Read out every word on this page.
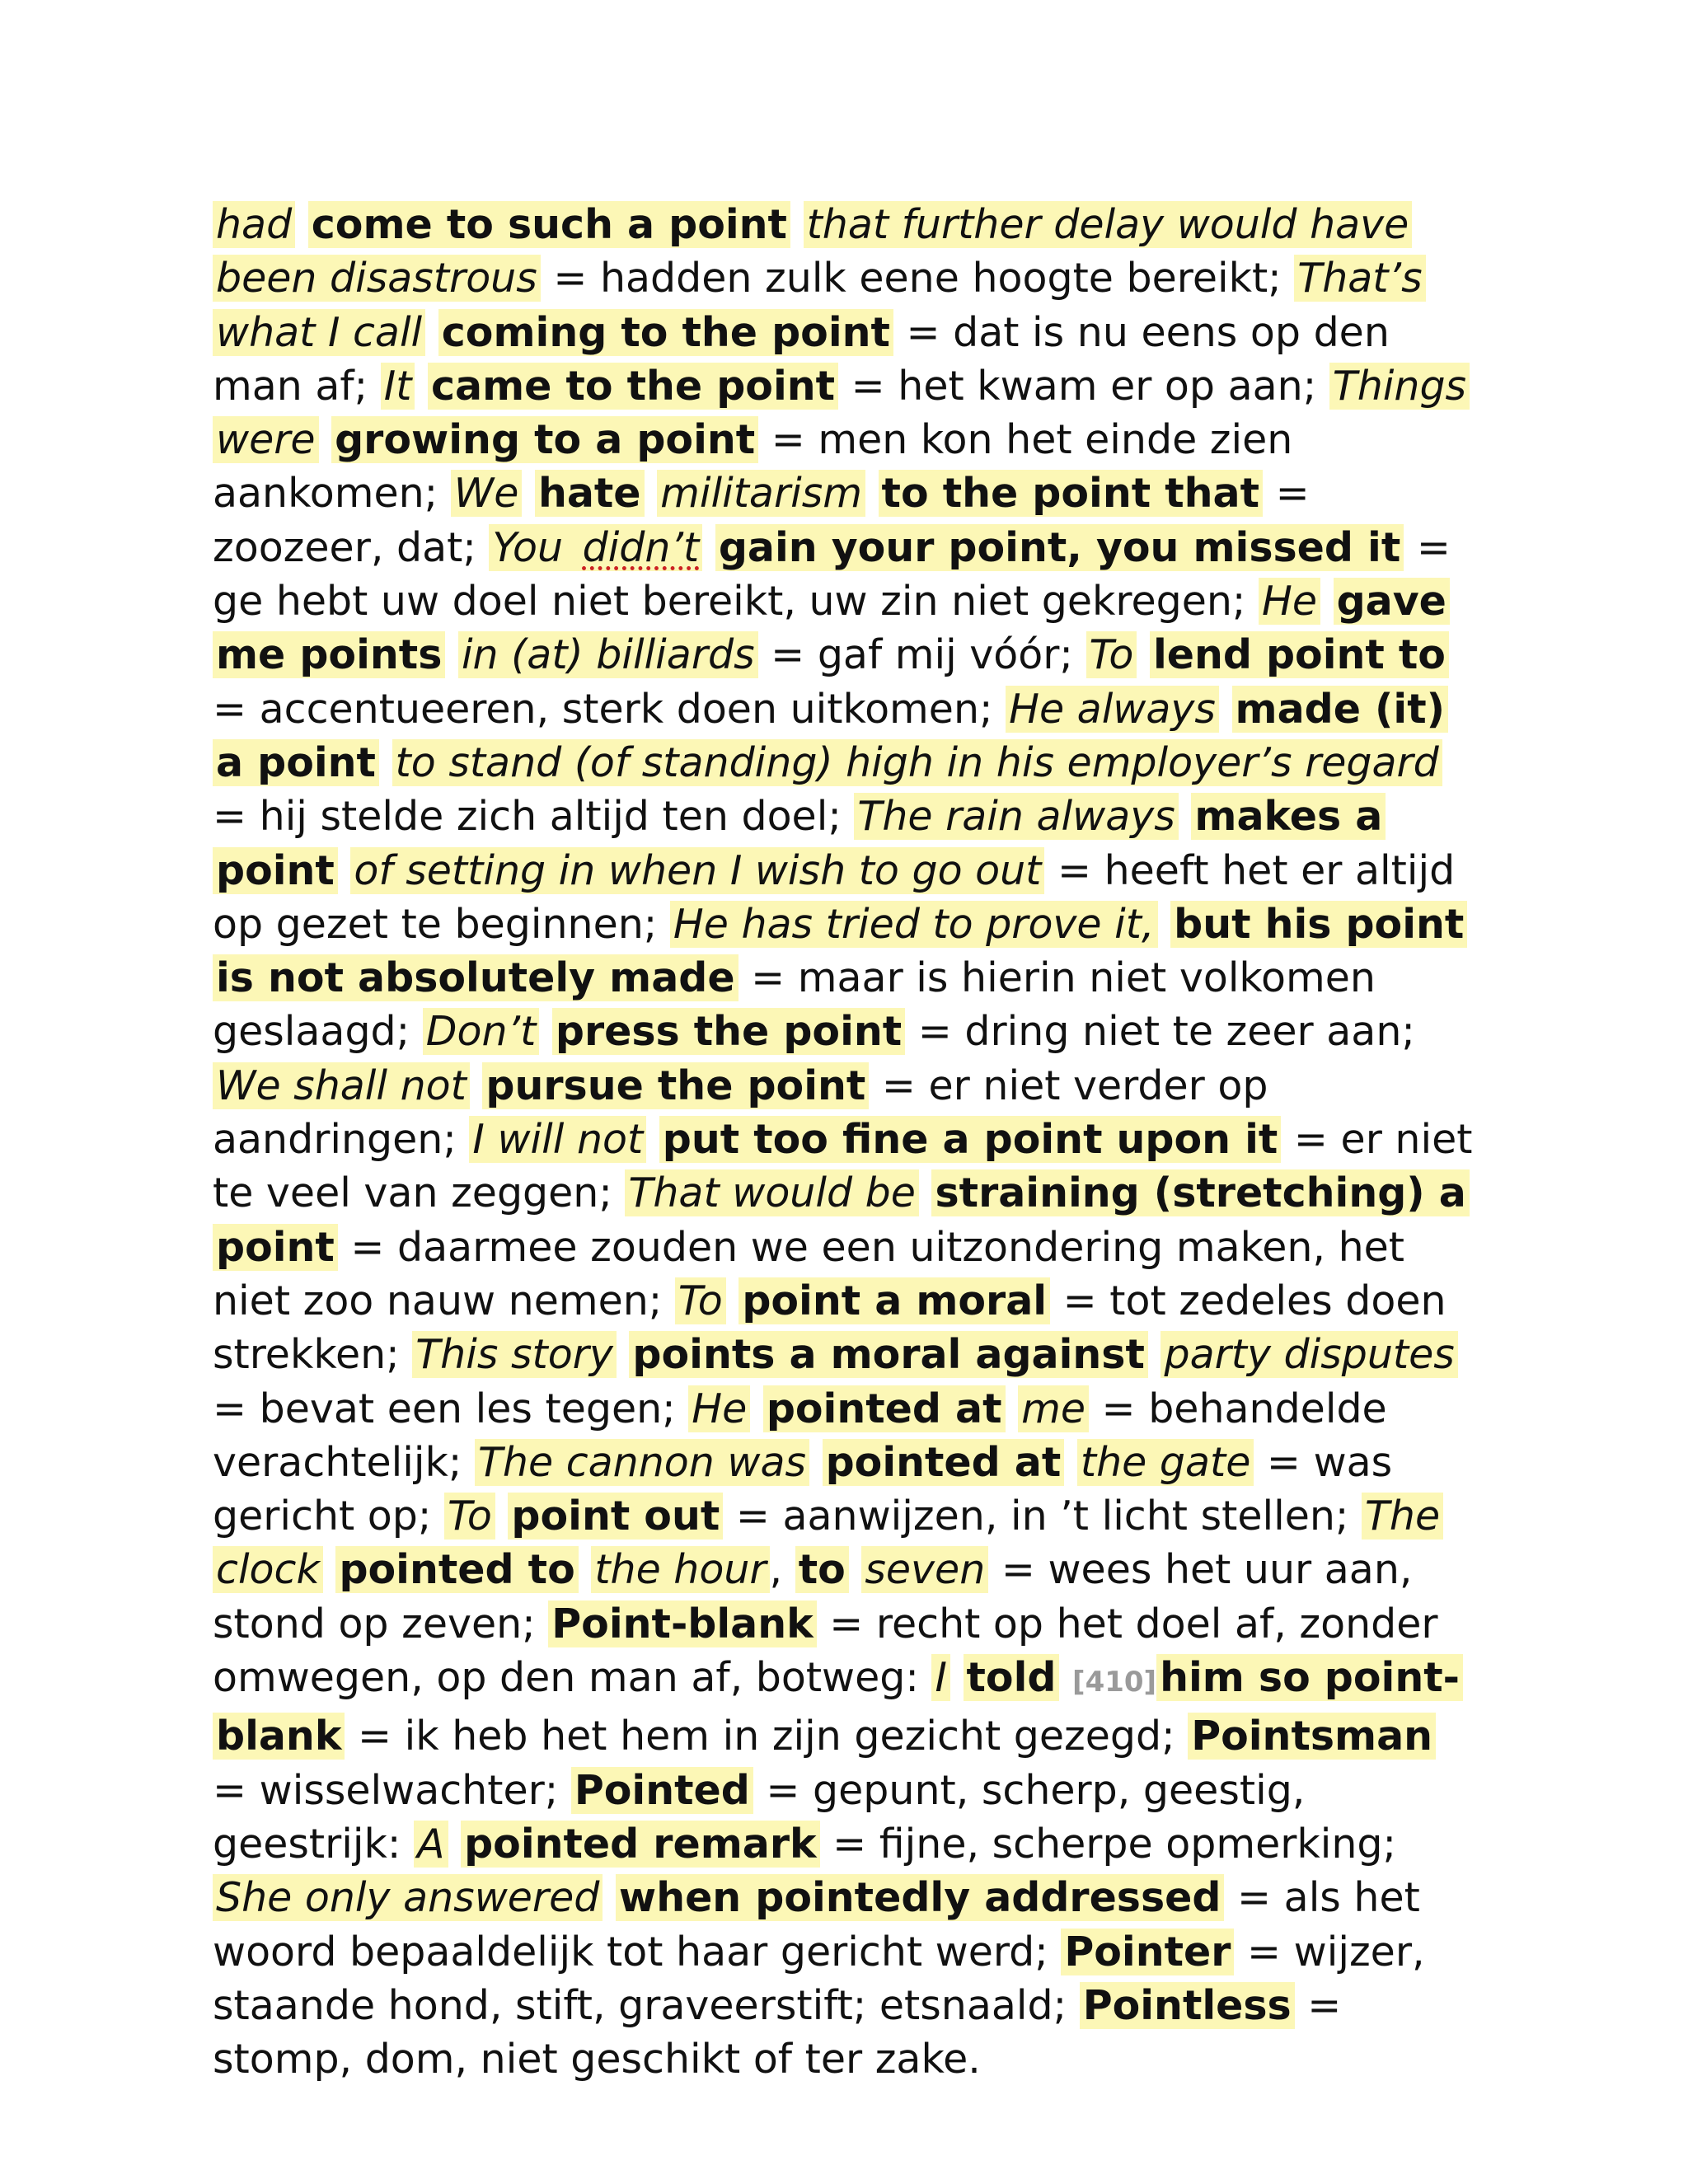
had come to such a point that further delay would have been disastrous = hadden zulk eene hoogte bereikt; That’s what I call coming to the point = dat is nu eens op den man af; It came to the point = het kwam er op aan; Things were growing to a point = men kon het einde zien aankomen; We hate militarism to the point that = zoozeer, dat; You didn’t gain your point, you missed it = ge hebt uw doel niet bereikt, uw zin niet gekregen; He gave me points in (at) billiards = gaf mij vóór; To lend point to = accentueeren, sterk doen uitkomen; He always made (it) a point to stand (of standing) high in his employer’s regard = hij stelde zich altijd ten doel; The rain always makes a point of setting in when I wish to go out = heeft het er altijd op gezet te beginnen; He has tried to prove it, but his point is not absolutely made = maar is hierin niet volkomen geslaagd; Don’t press the point = dring niet te zeer aan; We shall not pursue the point = er niet verder op aandringen; I will not put too fine a point upon it = er niet te veel van zeggen; That would be straining (stretching) a point = daarmee zouden we een uitzondering maken, het niet zoo nauw nemen; To point a moral = tot zedeles doen strekken; This story points a moral against party disputes = bevat een les tegen; He pointed at me = behandelde verachtelijk; The cannon was pointed at the gate = was gericht op; To point out = aanwijzen, in ’t licht stellen; The clock pointed to the hour, to seven = wees het uur aan, stond op zeven; Point-blank = recht op het doel af, zonder omwegen, op den man af, botweg: I told [410]him so point-blank = ik heb het hem in zijn gezicht gezegd; Pointsman = wisselwachter; Pointed = gepunt, scherp, geestig, geestrijk: A pointed remark = fijne, scherpe opmerking; She only answered when pointedly addressed = als het woord bepaaldelijk tot haar gericht werd; Pointer = wijzer, staande hond, stift, graveerstift; etsnaald; Pointless = stomp, dom, niet geschikt of ter zake.
